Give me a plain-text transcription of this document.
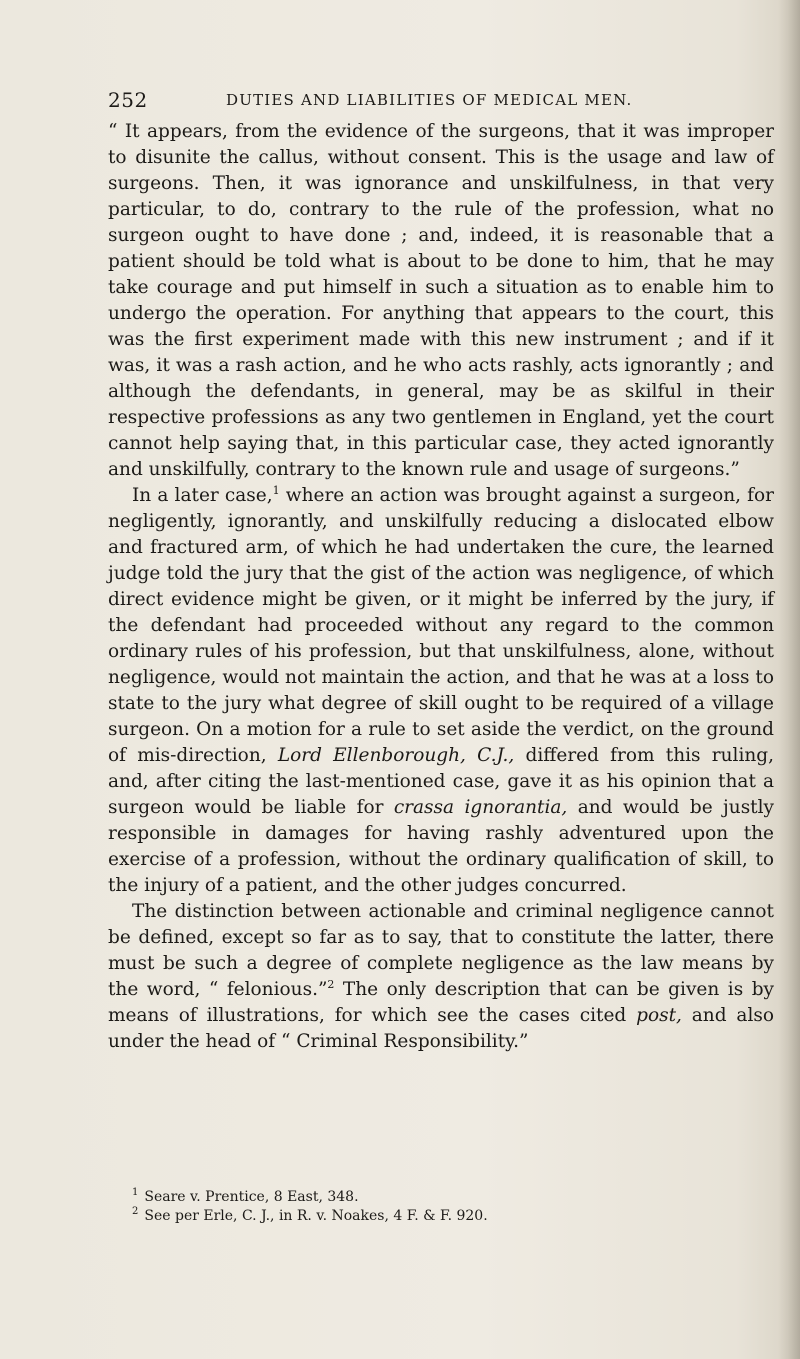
252	DUTIES AND LIABILITIES OF MEDICAL MEN.

“ It appears, from the evidence of the surgeons, that it was improper to disunite the callus, without consent. This is the usage and law of surgeons. Then, it was ignorance and unskilfulness, in that very particular, to do, contrary to the rule of the profession, what no surgeon ought to have done ; and, indeed, it is reasonable that a patient should be told what is about to be done to him, that he may take courage and put himself in such a situation as to enable him to undergo the operation. For anything that appears to the court, this was the first experiment made with this new instrument ; and if it was, it was a rash action, and he who acts rashly, acts ignorantly ; and although the defendants, in general, may be as skilful in their respective professions as any two gentlemen in England, yet the court cannot help saying that, in this particular case, they acted ignorantly and unskilfully, contrary to the known rule and usage of surgeons.”

In a later case,$^1$ where an action was brought against a surgeon, for negligently, ignorantly, and unskilfully reducing a dislocated elbow and fractured arm, of which he had undertaken the cure, the learned judge told the jury that the gist of the action was negligence, of which direct evidence might be given, or it might be inferred by the jury, if the defendant had proceeded without any regard to the common ordinary rules of his profession, but that unskilfulness, alone, without negligence, would not maintain the action, and that he was at a loss to state to the jury what degree of skill ought to be required of a village surgeon. On a motion for a rule to set aside the verdict, on the ground of mis-direction, Lord Ellenborough, C.J., differed from this ruling, and, after citing the last-mentioned case, gave it as his opinion that a surgeon would be liable for crassa ignorantia, and would be justly responsible in damages for having rashly adventured upon the exercise of a profession, without the ordinary qualification of skill, to the injury of a patient, and the other judges concurred.

The distinction between actionable and criminal negligence cannot be defined, except so far as to say, that to constitute the latter, there must be such a degree of complete negligence as the law means by the word, “ felonious.”$^2$ The only description that can be given is by means of illustrations, for which see the cases cited post, and also under the head of “ Criminal Responsibility.”

$^1$ Seare v. Prentice, 8 East, 348.

$^2$ See per Erle, C. J., in R. v. Noakes, 4 F. & F. 920.
